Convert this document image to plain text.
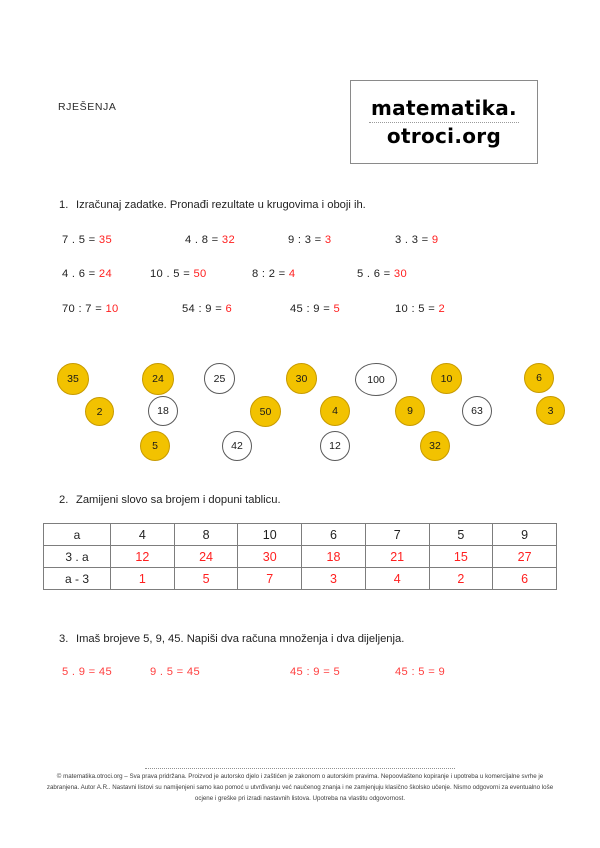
RJEŠENJA	matematika.
otroci.org
1. Izračunaj zadatke. Pronađi rezultate u krugovima i oboji ih.
7 . 5 = 35	4 . 8 = 32	9 : 3 = 3	3 . 3 = 9
4 . 6 = 24	10 . 5 = 50	8 : 2 = 4	5 . 6 = 30
70 : 7 = 10	54 : 9 = 6	45 : 9 = 5	10 : 5 = 2
35
2
24
18
5
25
42
30
50	4
12
100	10
9
32
6
63	3
2. Zamijeni slovo sa brojem i dopuni tablicu.
a	4	8	10	6	7	5	9
3 . a	12	24	30	18	21	15	27
a - 3	1	5	7	3	4	2	6
3. Imaš brojeve 5, 9, 45. Napiši dva računa množenja i dva dijeljenja.
5 . 9 = 45	9 . 5 = 45	45 : 9 = 5	45 : 5 = 9
© matematika.otroci.org – Sva prava pridržana. Proizvod je autorsko djelo i zaštićen je zakonom o autorskim pravima. Nepoovlašteno kopiranje i upotreba u komercijalne svrhe je zabranjena. Autor A.R.. Nastavni listovi su namijenjeni samo kao pomoć u utvrđivanju već naučenog znanja i ne zamjenjuju klasično školsko učenje. Nismo odgovorni za eventualno loše ocjene i greške pri izradi nastavnih listova. Upotreba na vlastitu odgovornost.
